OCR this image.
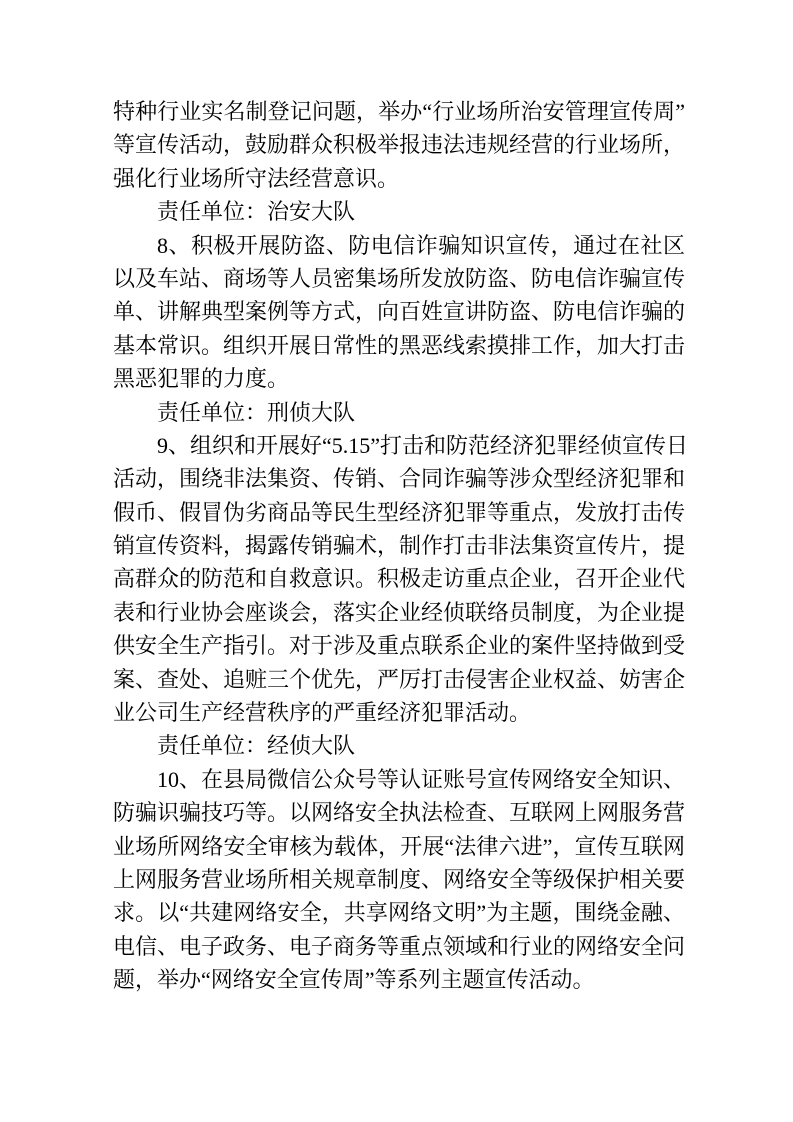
特种行业实名制登记问题，举办“行业场所治安管理宣传周”
等宣传活动，鼓励群众积极举报违法违规经营的行业场所，
强化行业场所守法经营意识。
责任单位：治安大队
8、积极开展防盗、防电信诈骗知识宣传，通过在社区
以及车站、商场等人员密集场所发放防盗、防电信诈骗宣传
单、讲解典型案例等方式，向百姓宣讲防盗、防电信诈骗的
基本常识。组织开展日常性的黑恶线索摸排工作，加大打击
黑恶犯罪的力度。
责任单位：刑侦大队
9、组织和开展好“5.15”打击和防范经济犯罪经侦宣传日
活动，围绕非法集资、传销、合同诈骗等涉众型经济犯罪和
假币、假冒伪劣商品等民生型经济犯罪等重点，发放打击传
销宣传资料，揭露传销骗术，制作打击非法集资宣传片，提
高群众的防范和自救意识。积极走访重点企业，召开企业代
表和行业协会座谈会，落实企业经侦联络员制度，为企业提
供安全生产指引。对于涉及重点联系企业的案件坚持做到受
案、查处、追赃三个优先，严厉打击侵害企业权益、妨害企
业公司生产经营秩序的严重经济犯罪活动。
责任单位：经侦大队
10、在县局微信公众号等认证账号宣传网络安全知识、
防骗识骗技巧等。以网络安全执法检查、互联网上网服务营
业场所网络安全审核为载体，开展“法律六进”，宣传互联网
上网服务营业场所相关规章制度、网络安全等级保护相关要
求。以“共建网络安全，共享网络文明”为主题，围绕金融、
电信、电子政务、电子商务等重点领域和行业的网络安全问
题，举办“网络安全宣传周”等系列主题宣传活动。
